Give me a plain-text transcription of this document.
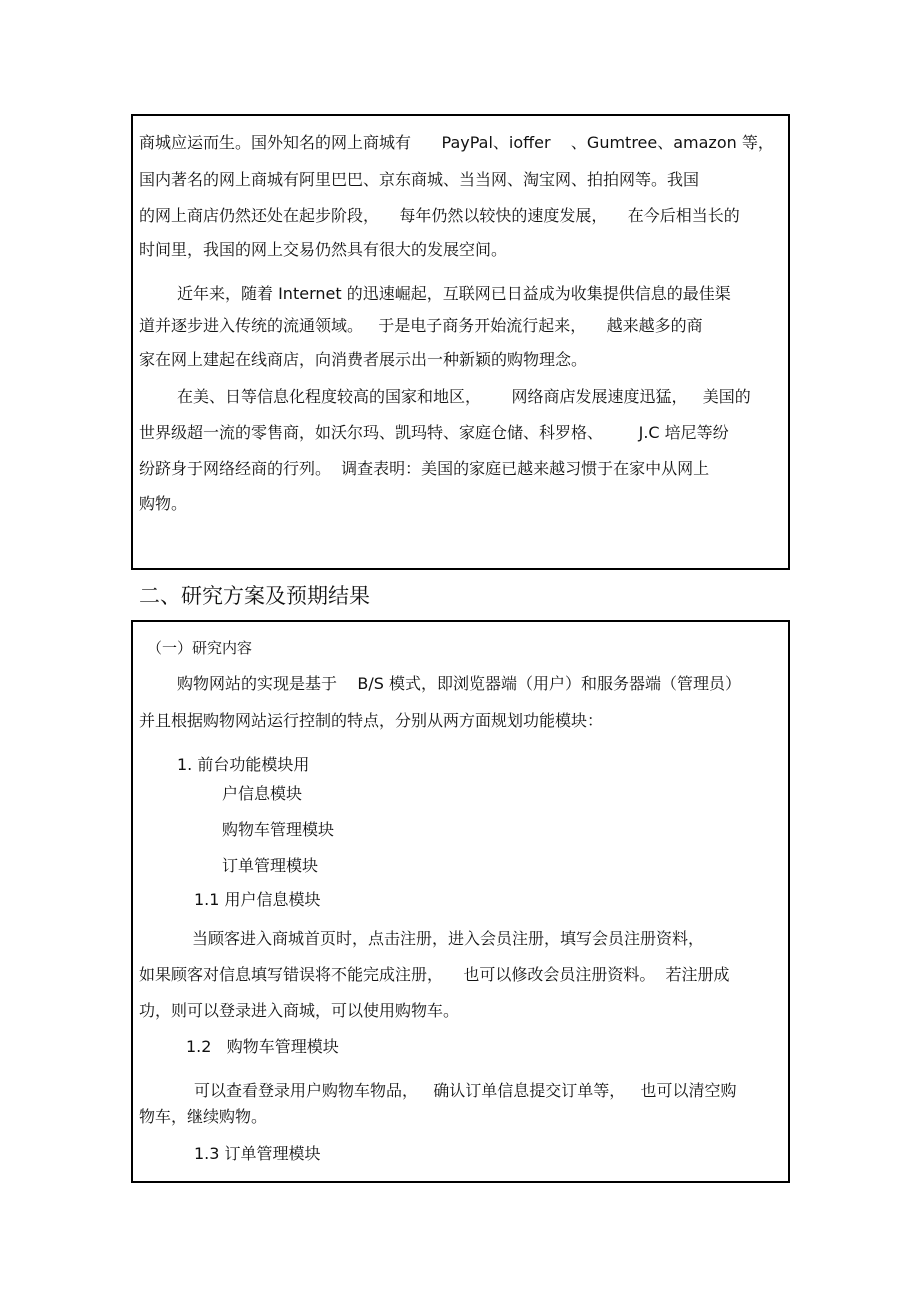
商城应运而生。国外知名的网上商城有      PayPal、ioffer    、Gumtree、amazon 等，
国内著名的网上商城有阿里巴巴、京东商城、当当网、淘宝网、拍拍网等。我国
的网上商店仍然还处在起步阶段，    每年仍然以较快的速度发展，    在今后相当长的
时间里，我国的网上交易仍然具有很大的发展空间。
近年来，随着 Internet 的迅速崛起，互联网已日益成为收集提供信息的最佳渠
道并逐步进入传统的流通领域。   于是电子商务开始流行起来，    越来越多的商
家在网上建起在线商店，向消费者展示出一种新颖的购物理念。
在美、日等信息化程度较高的国家和地区，      网络商店发展速度迅猛，   美国的
世界级超一流的零售商，如沃尔玛、凯玛特、家庭仓储、科罗格、       J.C 培尼等纷
纷跻身于网络经商的行列。  调查表明：美国的家庭已越来越习惯于在家中从网上
购物。
二、研究方案及预期结果
（一）研究内容
购物网站的实现是基于    B/S 模式，即浏览器端（用户）和服务器端（管理员）
并且根据购物网站运行控制的特点，分别从两方面规划功能模块：
1. 前台功能模块用
户信息模块
购物车管理模块
订单管理模块
1.1 用户信息模块
当顾客进入商城首页时，点击注册，进入会员注册，填写会员注册资料，
如果顾客对信息填写错误将不能完成注册，    也可以修改会员注册资料。  若注册成
功，则可以登录进入商城，可以使用购物车。
1.2   购物车管理模块
可以查看登录用户购物车物品，   确认订单信息提交订单等，   也可以清空购
物车，继续购物。
1.3 订单管理模块
